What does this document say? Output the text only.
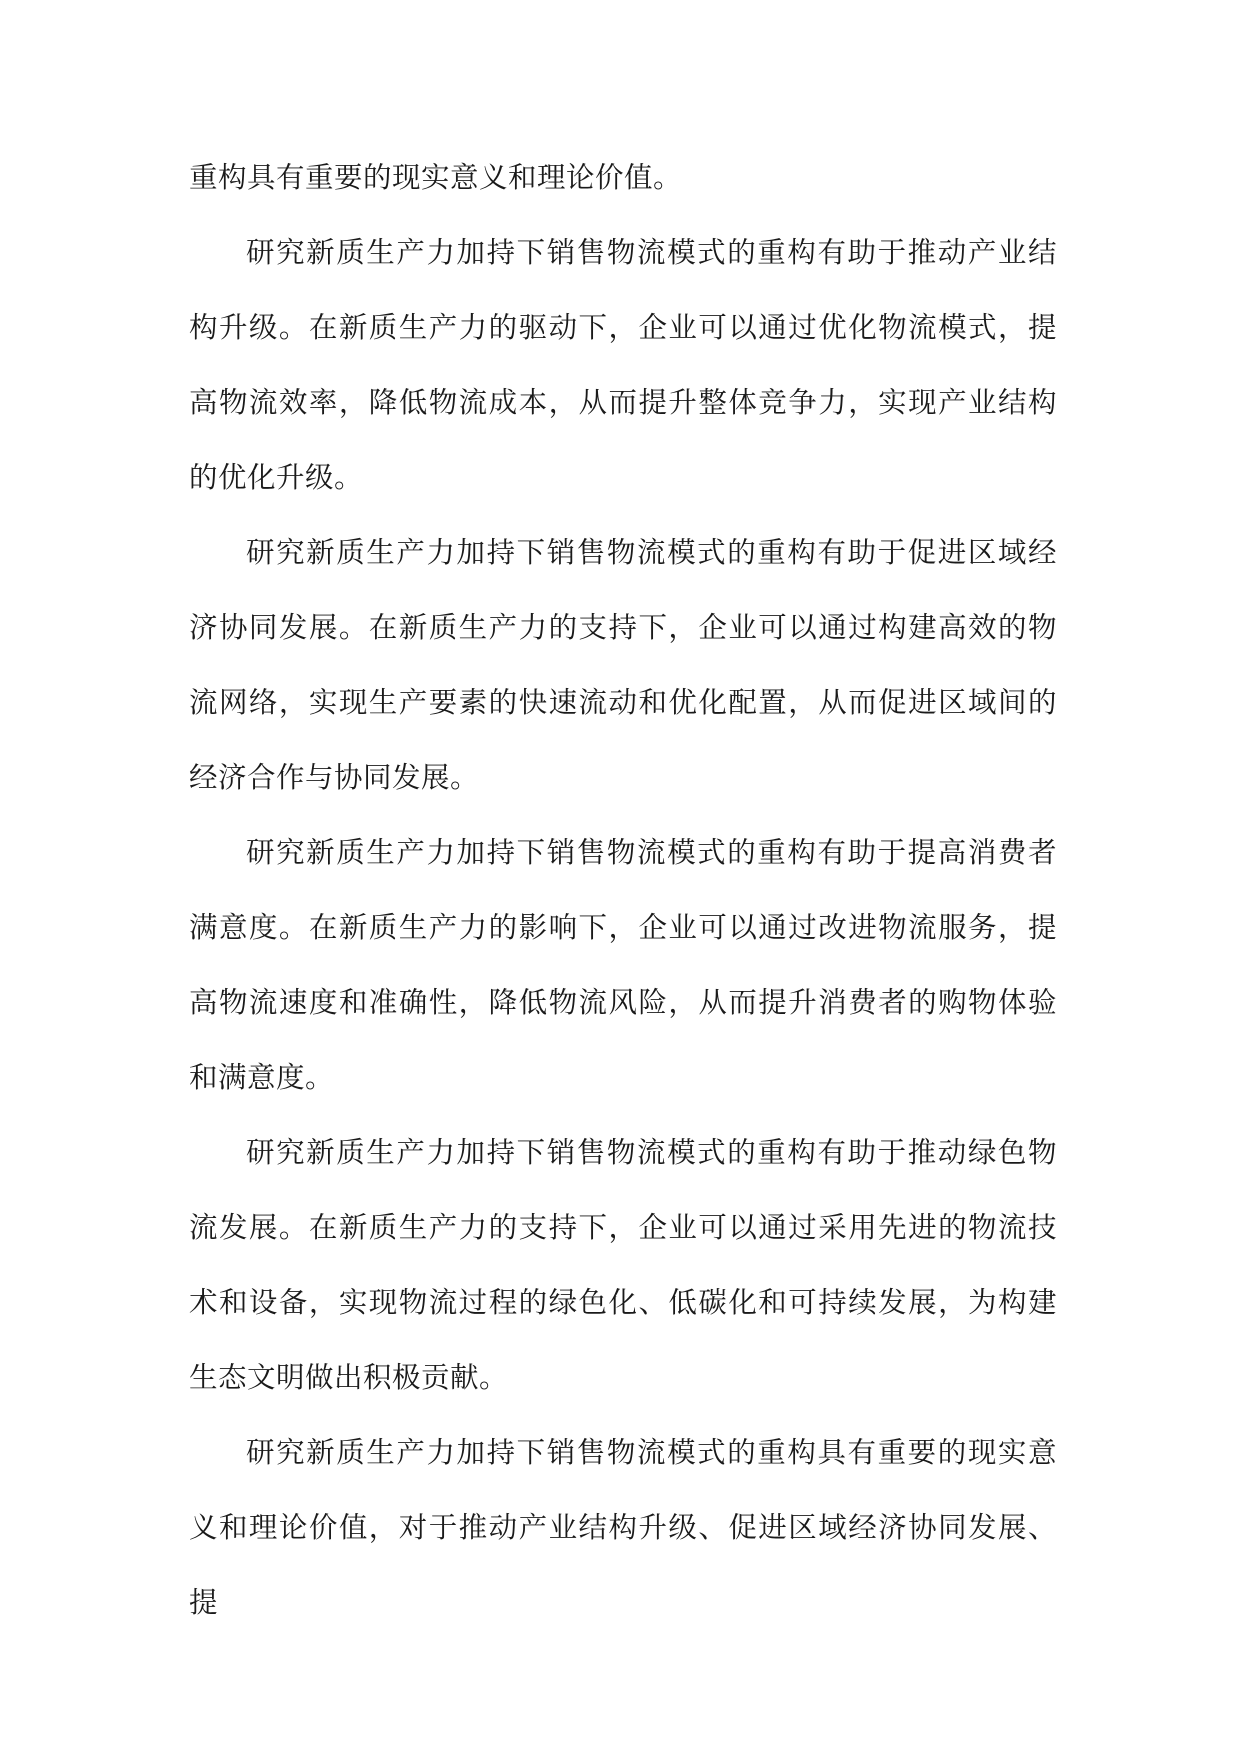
重构具有重要的现实意义和理论价值。

研究新质生产力加持下销售物流模式的重构有助于推动产业结构升级。在新质生产力的驱动下，企业可以通过优化物流模式，提高物流效率，降低物流成本，从而提升整体竞争力，实现产业结构的优化升级。

研究新质生产力加持下销售物流模式的重构有助于促进区域经济协同发展。在新质生产力的支持下，企业可以通过构建高效的物流网络，实现生产要素的快速流动和优化配置，从而促进区域间的经济合作与协同发展。

研究新质生产力加持下销售物流模式的重构有助于提高消费者满意度。在新质生产力的影响下，企业可以通过改进物流服务，提高物流速度和准确性，降低物流风险，从而提升消费者的购物体验和满意度。

研究新质生产力加持下销售物流模式的重构有助于推动绿色物流发展。在新质生产力的支持下，企业可以通过采用先进的物流技术和设备，实现物流过程的绿色化、低碳化和可持续发展，为构建生态文明做出积极贡献。

研究新质生产力加持下销售物流模式的重构具有重要的现实意义和理论价值，对于推动产业结构升级、促进区域经济协同发展、提
